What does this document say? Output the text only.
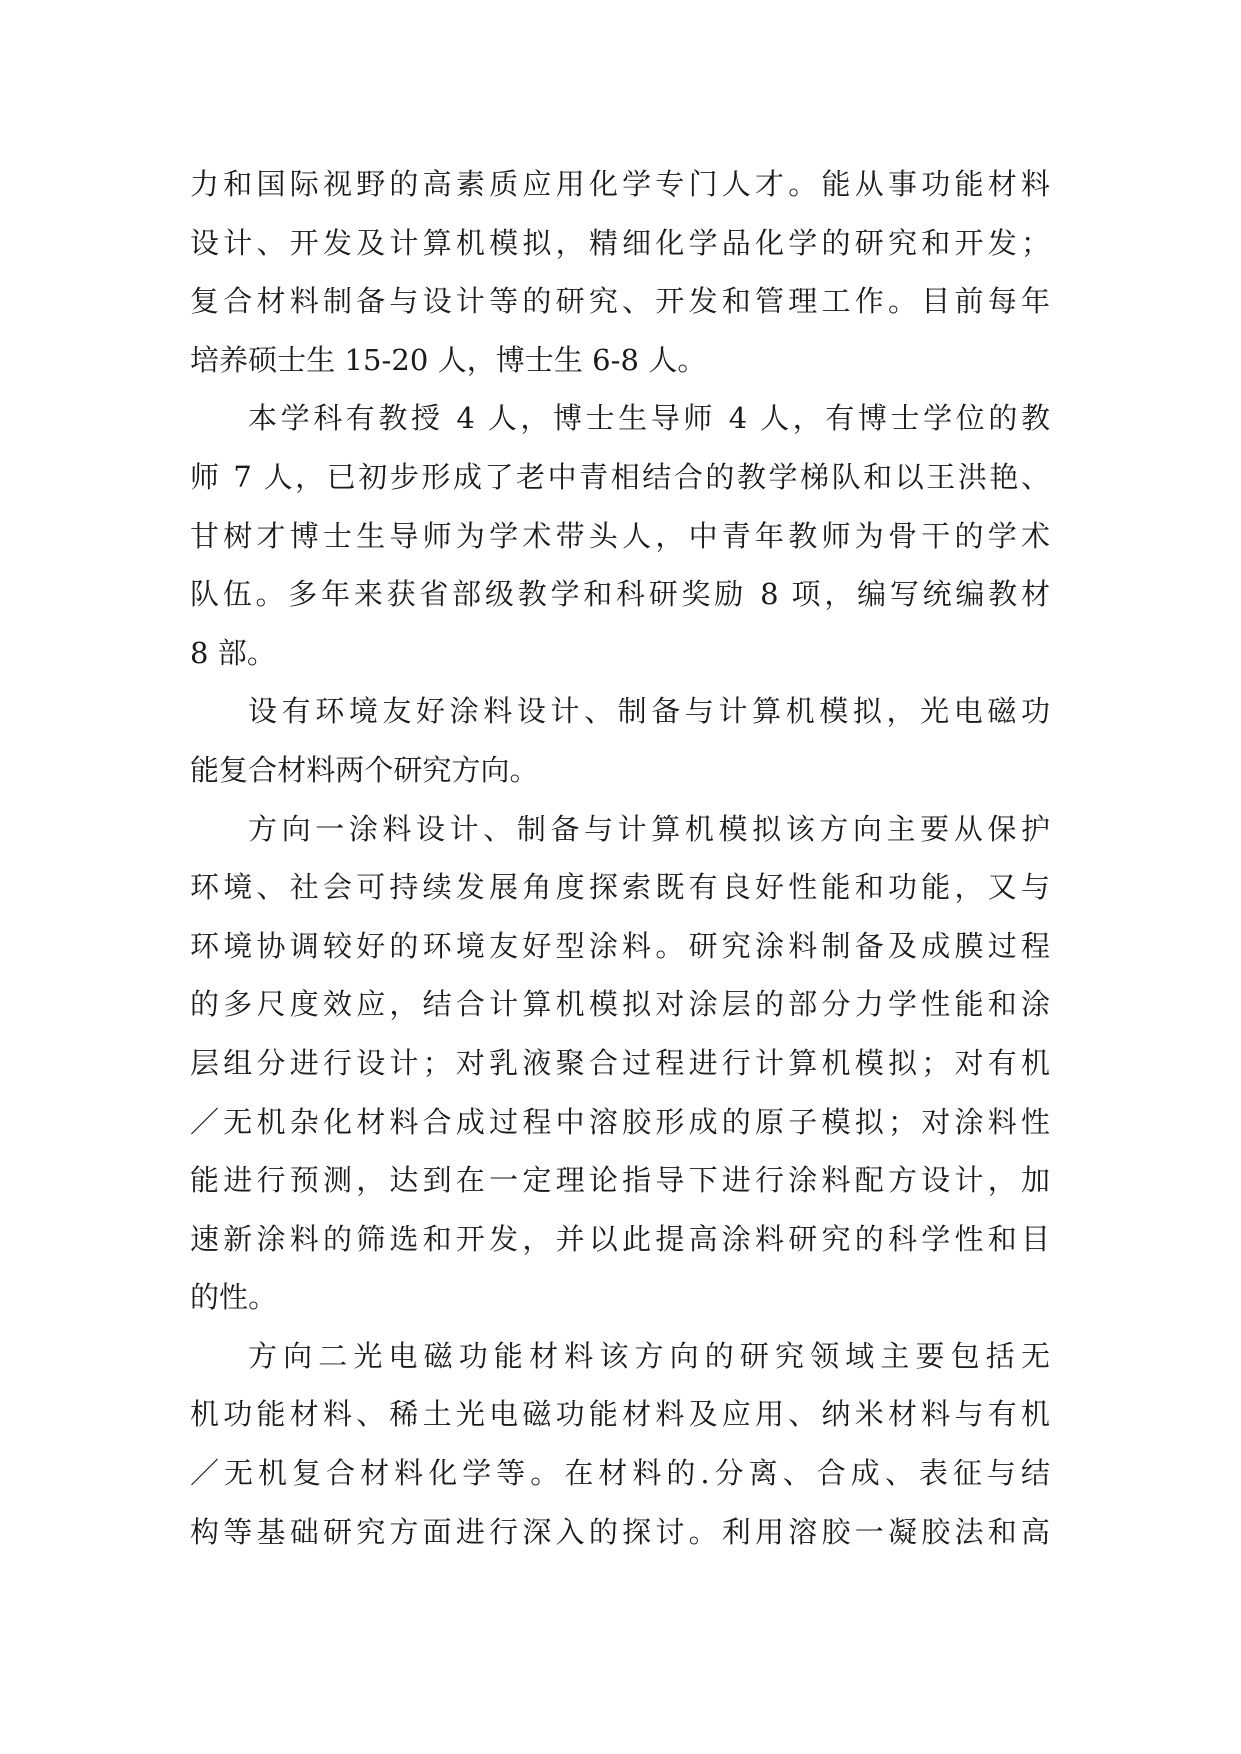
力和国际视野的高素质应用化学专门人才。能从事功能材料
设计、开发及计算机模拟，精细化学品化学的研究和开发；
复合材料制备与设计等的研究、开发和管理工作。目前每年
培养硕士生 15-20 人，博士生 6-8 人。
本学科有教授 4 人，博士生导师 4 人，有博士学位的教
师 7 人，已初步形成了老中青相结合的教学梯队和以王洪艳、
甘树才博士生导师为学术带头人，中青年教师为骨干的学术
队伍。多年来获省部级教学和科研奖励 8 项，编写统编教材
8 部。
设有环境友好涂料设计、制备与计算机模拟，光电磁功
能复合材料两个研究方向。
方向一涂料设计、制备与计算机模拟该方向主要从保护
环境、社会可持续发展角度探索既有良好性能和功能，又与
环境协调较好的环境友好型涂料。研究涂料制备及成膜过程
的多尺度效应，结合计算机模拟对涂层的部分力学性能和涂
层组分进行设计；对乳液聚合过程进行计算机模拟；对有机
／无机杂化材料合成过程中溶胶形成的原子模拟；对涂料性
能进行预测，达到在一定理论指导下进行涂料配方设计，加
速新涂料的筛选和开发，并以此提高涂料研究的科学性和目
的性。
方向二光电磁功能材料该方向的研究领域主要包括无
机功能材料、稀土光电磁功能材料及应用、纳米材料与有机
／无机复合材料化学等。在材料的.分离、合成、表征与结
构等基础研究方面进行深入的探讨。利用溶胶一凝胶法和高
